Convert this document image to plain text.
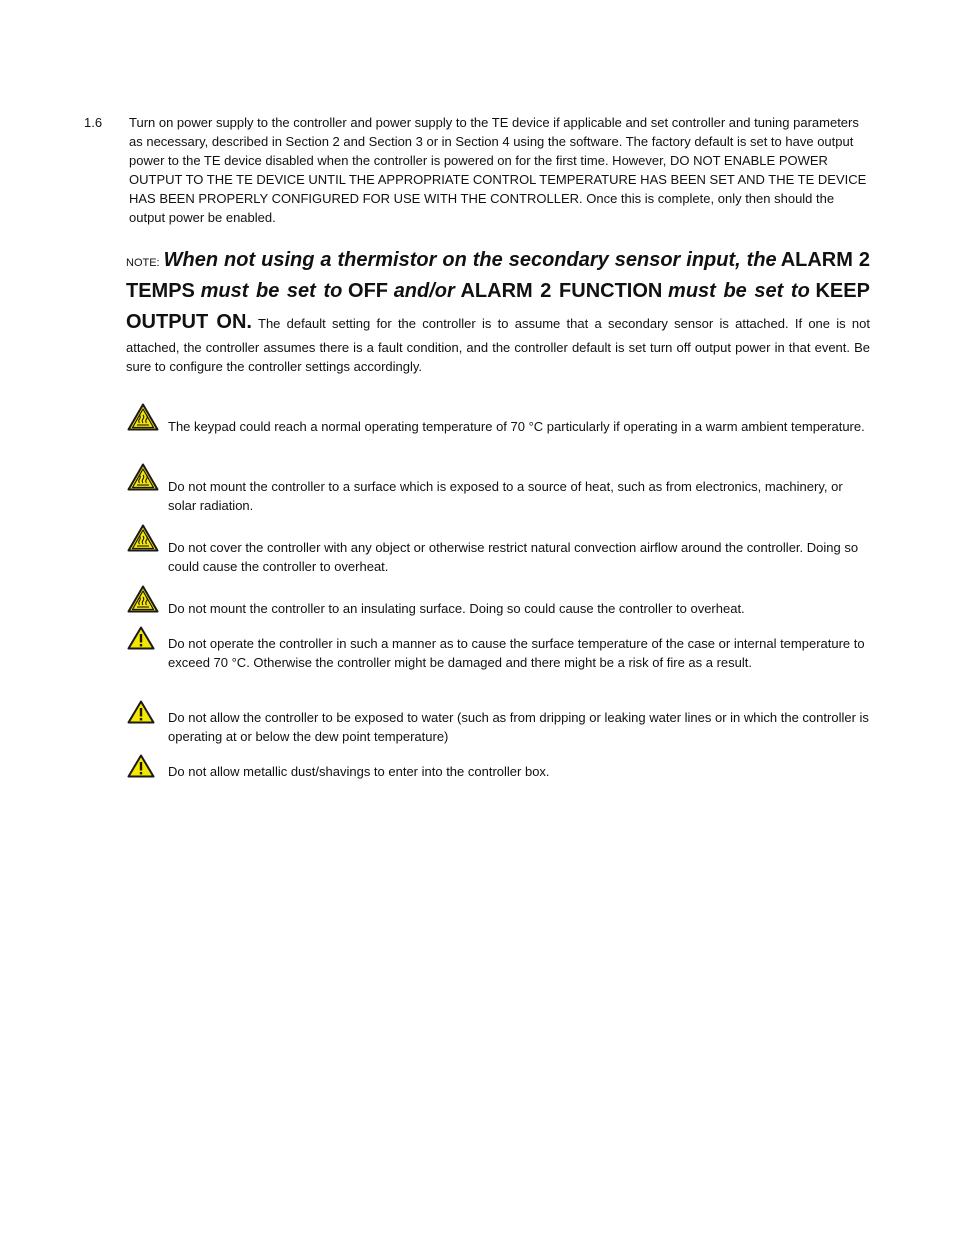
1.6 Turn on power supply to the controller and power supply to the TE device if applicable and set controller and tuning parameters as necessary, described in Section 2 and Section 3 or in Section 4 using the software. The factory default is set to have output power to the TE device disabled when the controller is powered on for the first time. However, DO NOT ENABLE POWER OUTPUT TO THE TE DEVICE UNTIL THE APPROPRIATE CONTROL TEMPERATURE HAS BEEN SET AND THE TE DEVICE HAS BEEN PROPERLY CONFIGURED FOR USE WITH THE CONTROLLER. Once this is complete, only then should the output power be enabled.
NOTE: When not using a thermistor on the secondary sensor input, the ALARM 2 TEMPS must be set to OFF and/or ALARM 2 FUNCTION must be set to KEEP OUTPUT ON. The default setting for the controller is to assume that a secondary sensor is attached. If one is not attached, the controller assumes there is a fault condition, and the controller default is set turn off output power in that event. Be sure to configure the controller settings accordingly.
The keypad could reach a normal operating temperature of 70 °C particularly if operating in a warm ambient temperature.
Do not mount the controller to a surface which is exposed to a source of heat, such as from electronics, machinery, or solar radiation.
Do not cover the controller with any object or otherwise restrict natural convection airflow around the controller. Doing so could cause the controller to overheat.
Do not mount the controller to an insulating surface. Doing so could cause the controller to overheat.
Do not operate the controller in such a manner as to cause the surface temperature of the case or internal temperature to exceed 70 °C. Otherwise the controller might be damaged and there might be a risk of fire as a result.
Do not allow the controller to be exposed to water (such as from dripping or leaking water lines or in which the controller is operating at or below the dew point temperature)
Do not allow metallic dust/shavings to enter into the controller box.
